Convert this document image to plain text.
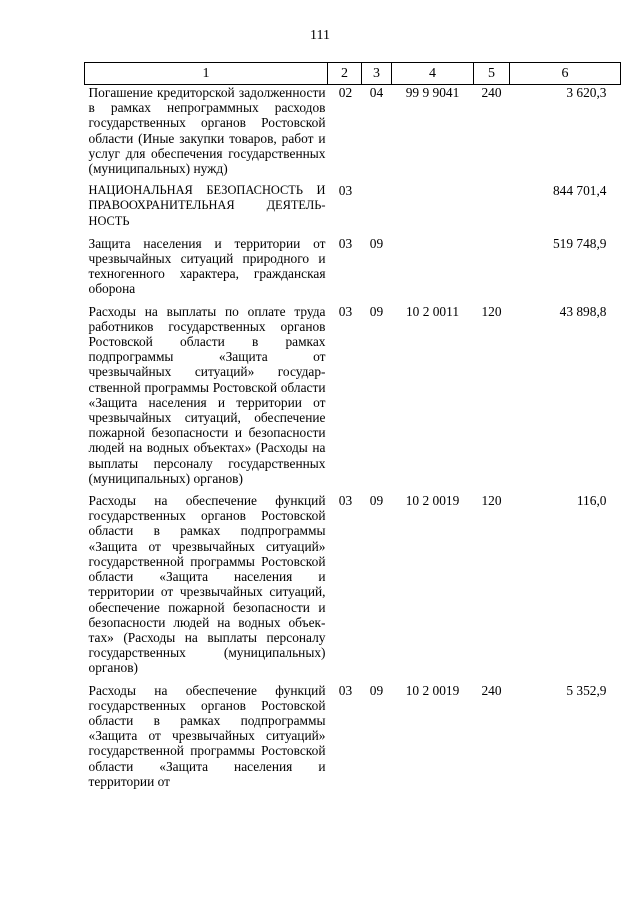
111
1	2	3	4	5	6
Погашение кредиторской задолженности в рамках непрограммных расходов государственных органов Ростовской области (Иные закупки товаров, работ и услуг для обеспечения государственных (муниципальных) нужд)	02	04	99 9 9041	240	3 620,3
НАЦИОНАЛЬНАЯ БЕЗОПАСНОСТЬ И ПРАВООХРАНИТЕЛЬНАЯ ДЕЯТЕЛЬНОСТЬ	03				844 701,4
Защита населения и территории от чрезвычайных ситуаций природного и техногенного характера, гражданская оборона	03	09			519 748,9
Расходы на выплаты по оплате труда работников государственных органов Ростовской области в рамках подпрограммы «Защита от чрезвычайных ситуаций» государственной программы Ростовской области «Защита населения и территории от чрезвычайных ситуаций, обеспечение пожарной безопасности и безопасности людей на водных объектах» (Расходы на выплаты персоналу государственных (муниципальных) органов)	03	09	10 2 0011	120	43 898,8
Расходы на обеспечение функций государственных органов Ростовской области в рамках подпрограммы «Защита от чрезвычайных ситуаций» государственной программы Ростовской области «Защита населения и территории от чрезвычайных ситуаций, обеспечение пожарной безопасности и безопасности людей на водных объектах» (Расходы на выплаты персоналу государственных (муниципальных) органов)	03	09	10 2 0019	120	116,0
Расходы на обеспечение функций государственных органов Ростовской области в рамках подпрограммы «Защита от чрезвычайных ситуаций» государственной программы Ростовской области «Защита населения и территории от	03	09	10 2 0019	240	5 352,9
